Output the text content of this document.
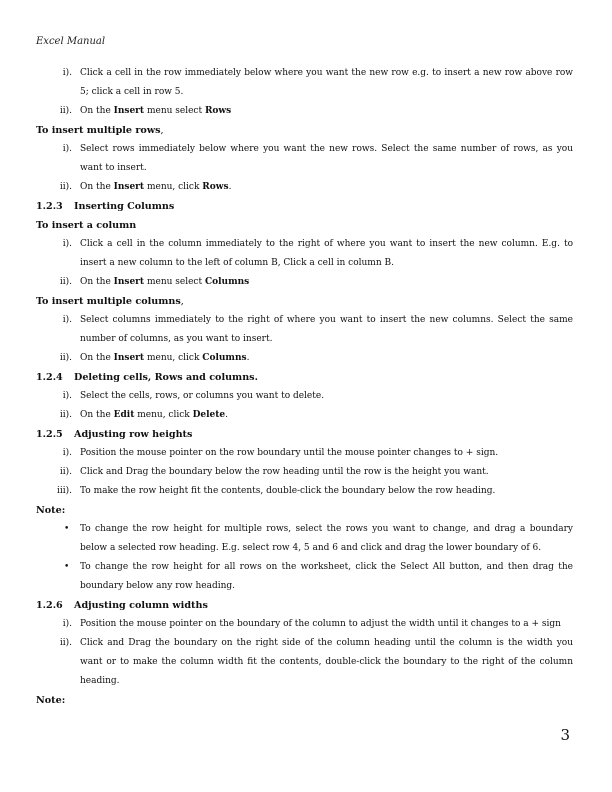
Excel Manual
i). Click a cell in the row immediately below where you want the new row e.g. to insert a new row above row 5; click a cell in row 5.
ii). On the Insert menu select Rows
To insert multiple rows,
i). Select rows immediately below where you want the new rows. Select the same number of rows, as you want to insert.
ii). On the Insert menu, click Rows.
1.2.3 Inserting Columns
To insert a column
i). Click a cell in the column immediately to the right of where you want to insert the new column. E.g. to insert a new column to the left of column B, Click a cell in column B.
ii). On the Insert menu select Columns
To insert multiple columns,
i). Select columns immediately to the right of where you want to insert the new columns. Select the same number of columns, as you want to insert.
ii). On the Insert menu, click Columns.
1.2.4 Deleting cells, Rows and columns.
i). Select the cells, rows, or columns you want to delete.
ii). On the Edit menu, click Delete.
1.2.5 Adjusting row heights
i). Position the mouse pointer on the row boundary until the mouse pointer changes to + sign.
ii). Click and Drag the boundary below the row heading until the row is the height you want.
iii). To make the row height fit the contents, double-click the boundary below the row heading.
Note:
• To change the row height for multiple rows, select the rows you want to change, and drag a boundary below a selected row heading. E.g. select row 4, 5 and 6 and click and drag the lower boundary of 6.
• To change the row height for all rows on the worksheet, click the Select All button, and then drag the boundary below any row heading.
1.2.6 Adjusting column widths
i). Position the mouse pointer on the boundary of the column to adjust the width until it changes to a + sign
ii). Click and Drag the boundary on the right side of the column heading until the column is the width you want or to make the column width fit the contents, double-click the boundary to the right of the column heading.
Note:
3
